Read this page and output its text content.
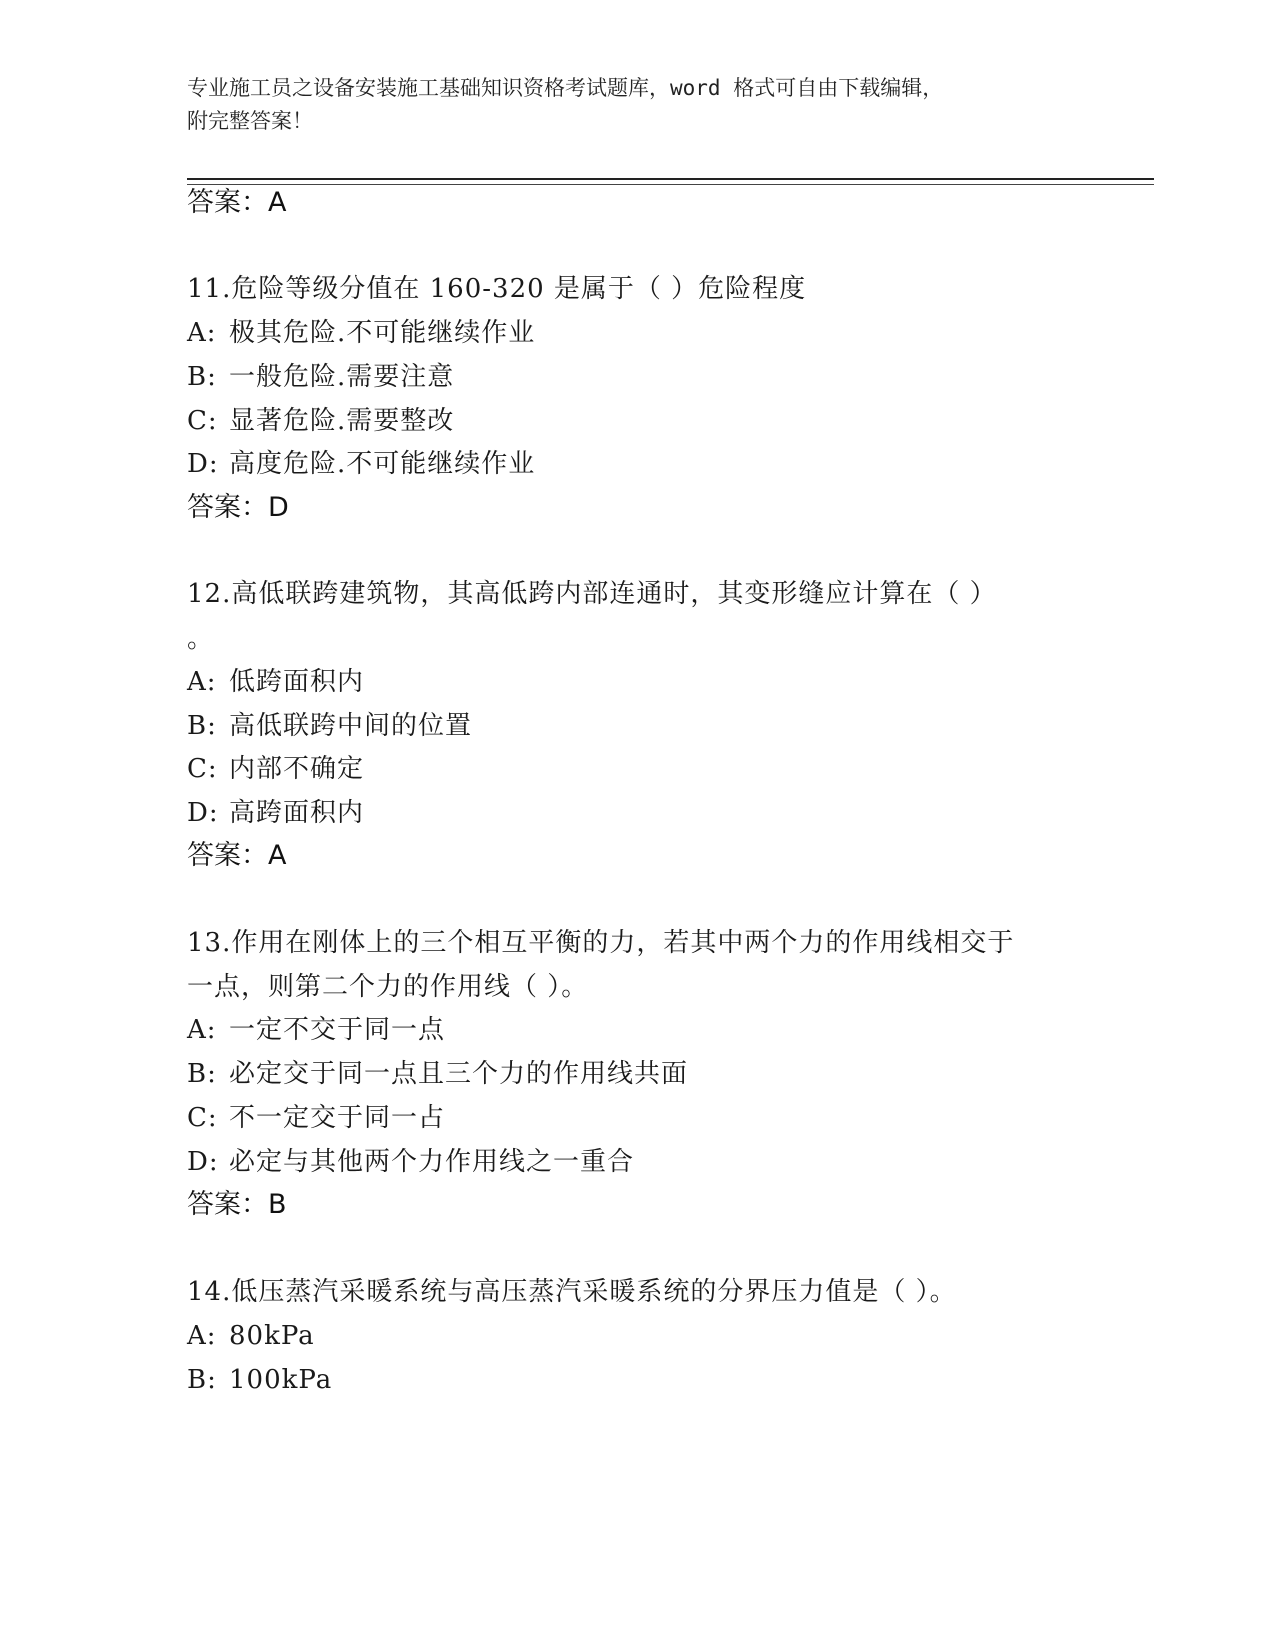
专业施工员之设备安装施工基础知识资格考试题库，word 格式可自由下载编辑，
附完整答案！
答案：A
11.危险等级分值在 160-320 是属于（ ）危险程度
A: 极其危险.不可能继续作业
B: 一般危险.需要注意
C: 显著危险.需要整改
D: 高度危险.不可能继续作业
答案：D
12.高低联跨建筑物，其高低跨内部连通时，其变形缝应计算在（ ）
。
A: 低跨面积内
B: 高低联跨中间的位置
C: 内部不确定
D: 高跨面积内
答案：A
13.作用在刚体上的三个相互平衡的力，若其中两个力的作用线相交于
一点，则第二个力的作用线（ ）。
A: 一定不交于同一点
B: 必定交于同一点且三个力的作用线共面
C: 不一定交于同一占
D: 必定与其他两个力作用线之一重合
答案：B
14.低压蒸汽采暖系统与高压蒸汽采暖系统的分界压力值是（ ）。
A: 80kPa
B: 100kPa
